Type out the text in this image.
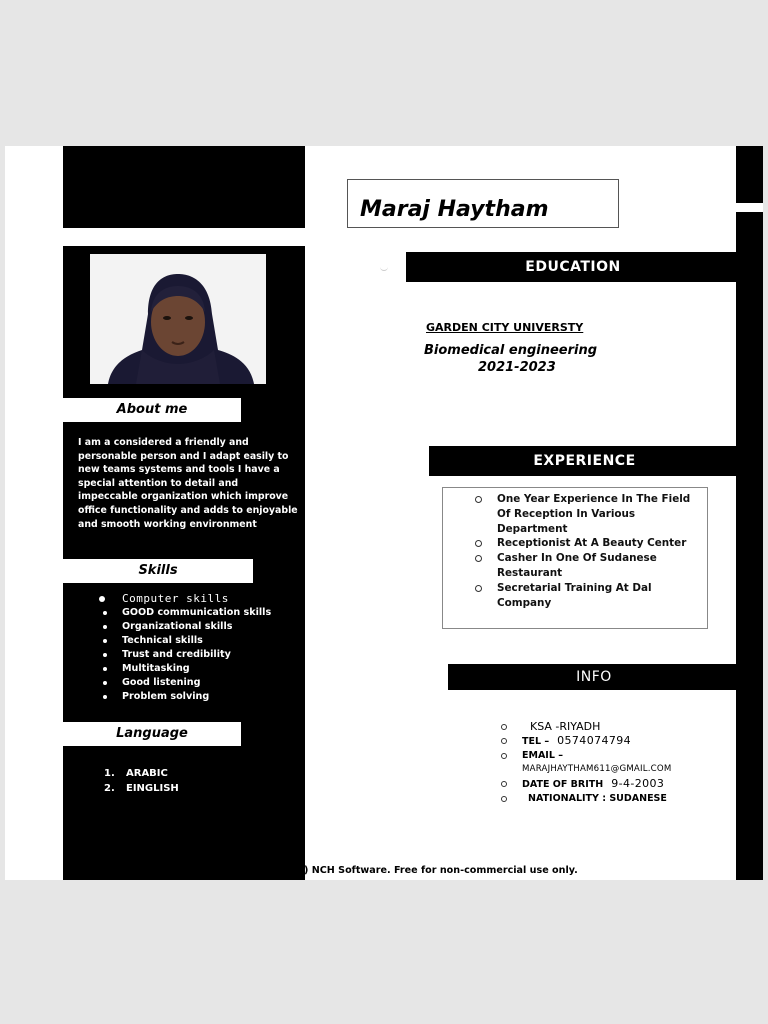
About me

I am a considered a friendly and personable person and I adapt easily to new teams systems and tools I have a special attention to detail and impeccable organization which improve office functionality and adds to enjoyable and smooth working environment

Skills
Computer skills
GOOD communication skills
Organizational skills
Technical skills
Trust and credibility
Multitasking
Good listening
Problem solving
Language
1. ARABIC
2. EINGLISH
Maraj Haytham
EDUCATION
GARDEN CITY UNIVERSTY
Biomedical engineering
2021-2023
EXPERIENCE
One Year Experience In The Field Of Reception In Various Department
Receptionist At A Beauty Center
Casher In One Of Sudanese Restaurant
Secretarial Training At Dal Company
INFO
KSA -RIYADH
TEL – 0574074794
EMAIL –
MARAJHAYTHAM611@GMAIL.COM
DATE OF BRITH 9-4-2003
NATIONALITY : SUDANESE
) NCH Software. Free for non-commercial use only.
